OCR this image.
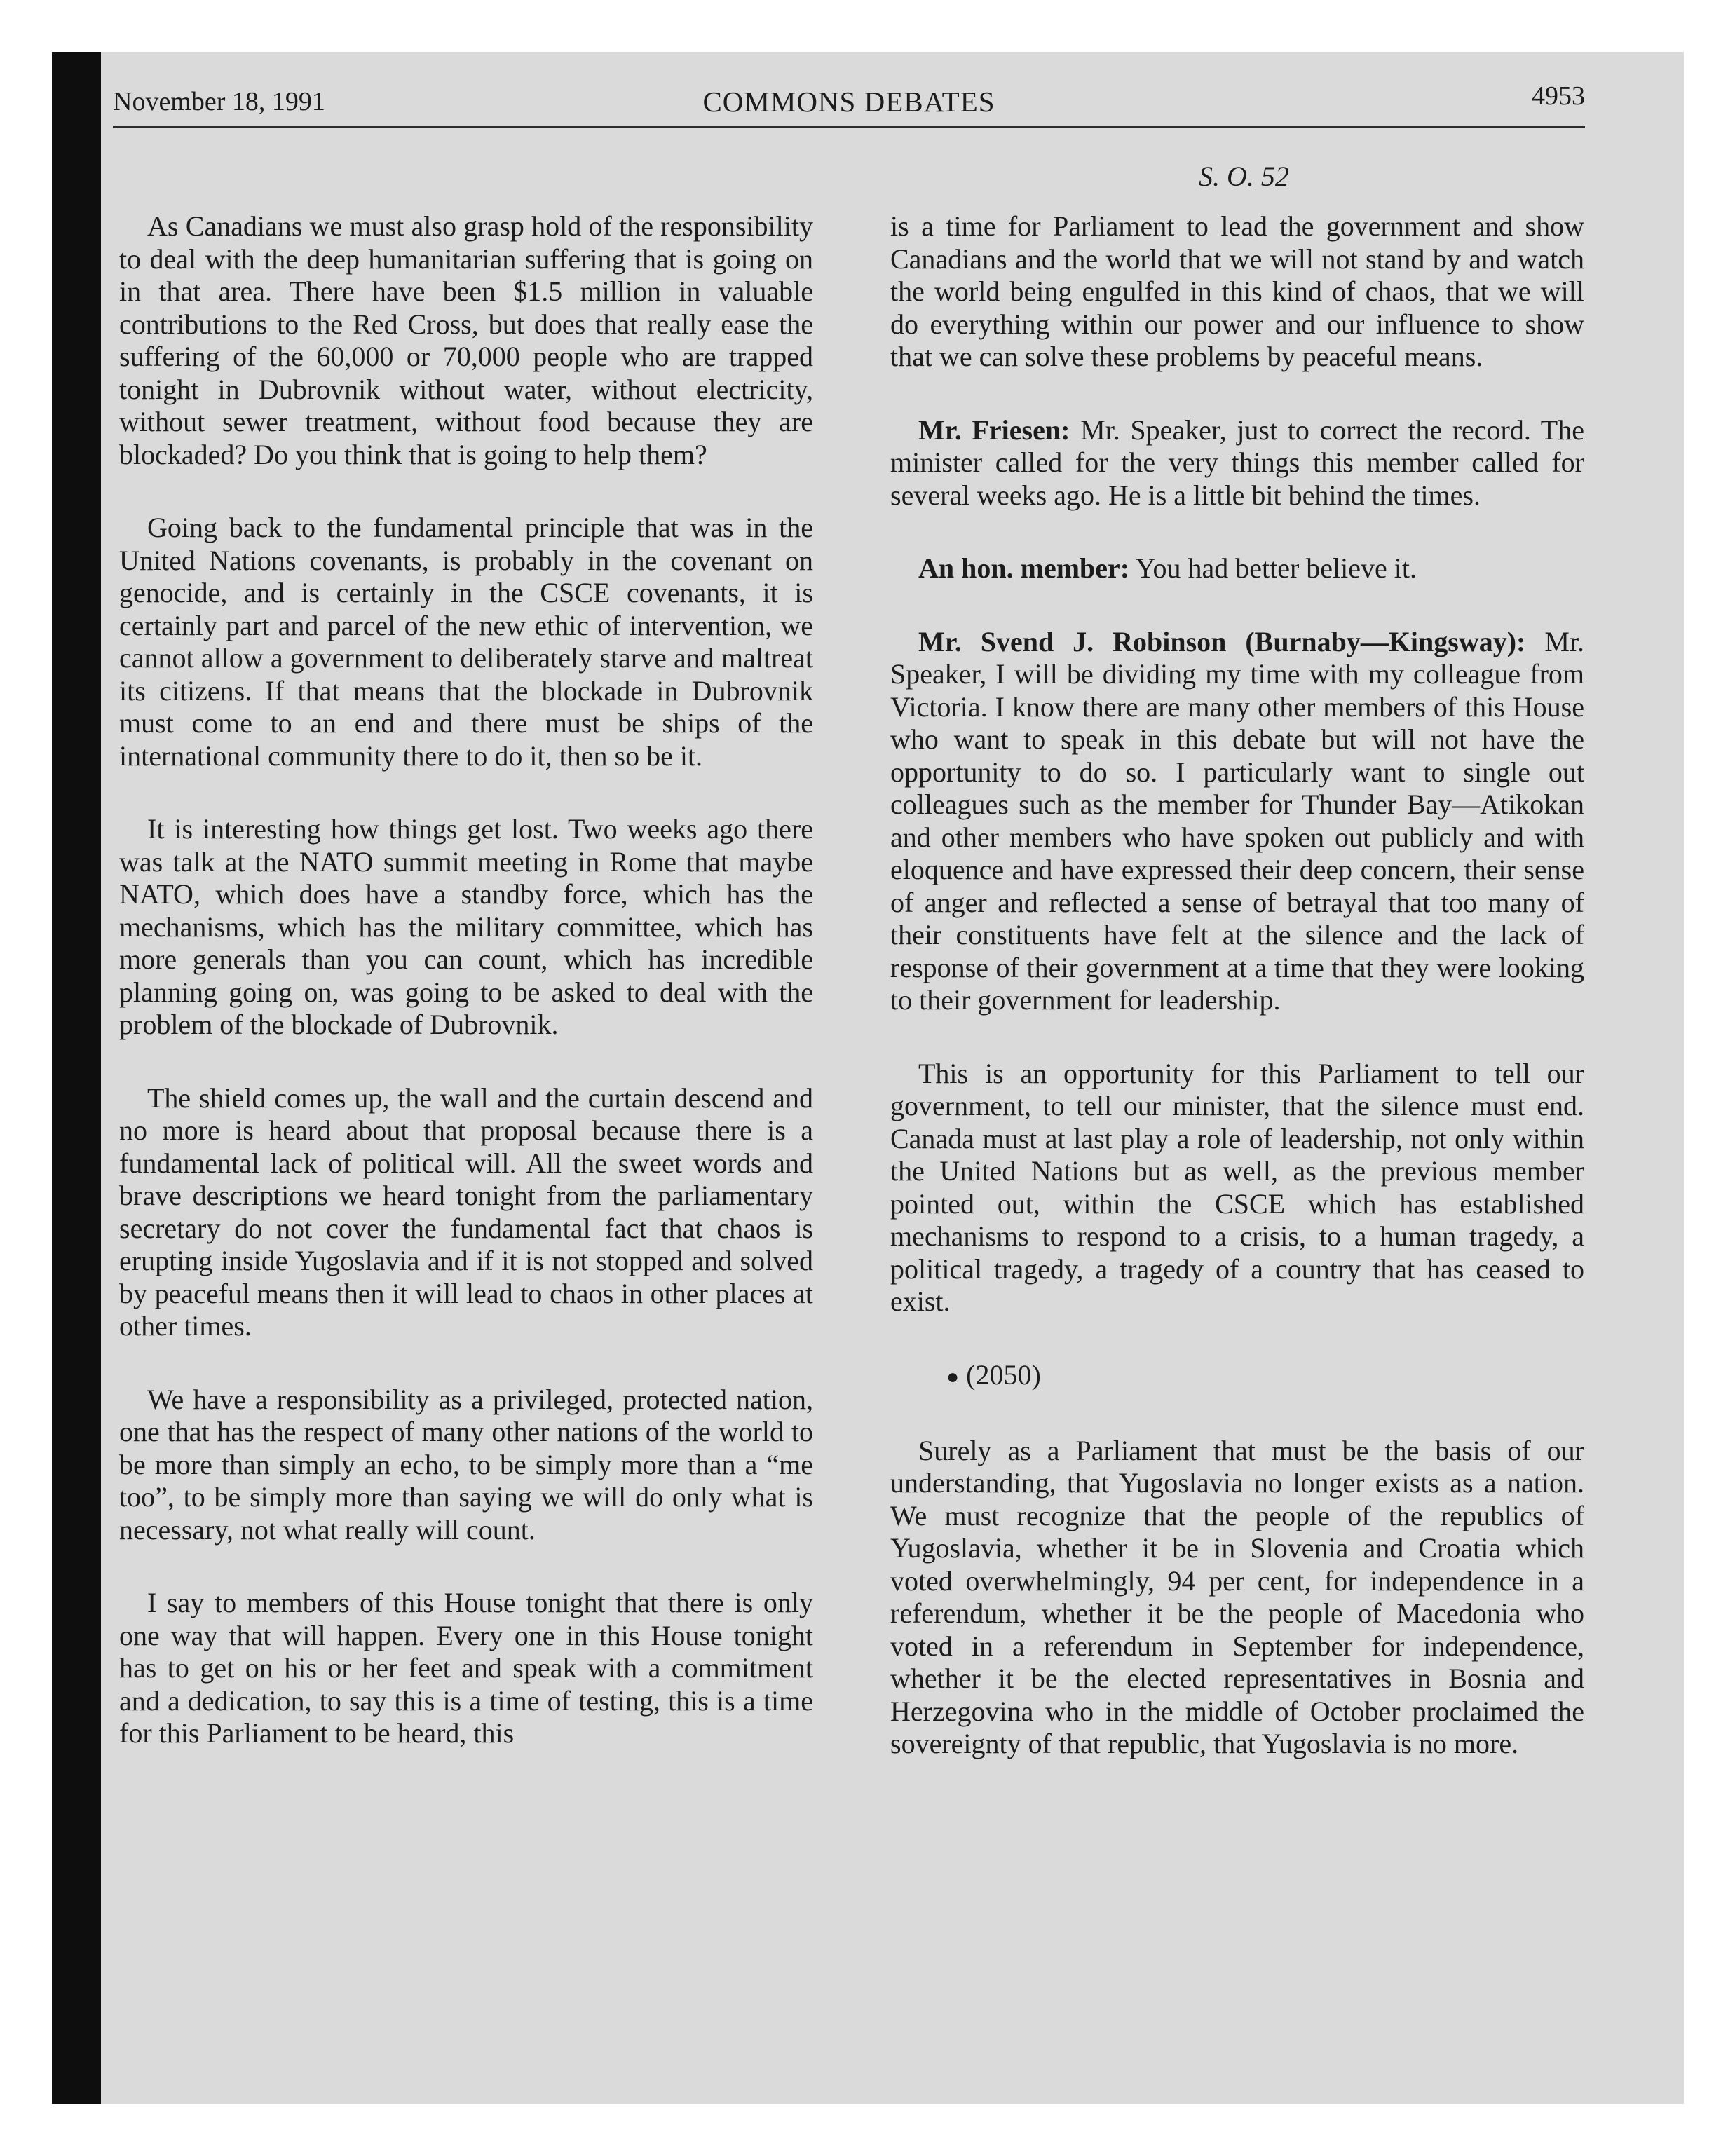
November 18, 1991	COMMONS DEBATES	4953
S. O. 52

As Canadians we must also grasp hold of the responsibility to deal with the deep humanitarian suffering that is going on in that area. There have been $1.5 million in valuable contributions to the Red Cross, but does that really ease the suffering of the 60,000 or 70,000 people who are trapped tonight in Dubrovnik without water, without electricity, without sewer treatment, without food because they are blockaded? Do you think that is going to help them?

Going back to the fundamental principle that was in the United Nations covenants, is probably in the covenant on genocide, and is certainly in the CSCE covenants, it is certainly part and parcel of the new ethic of intervention, we cannot allow a government to deliberately starve and maltreat its citizens. If that means that the blockade in Dubrovnik must come to an end and there must be ships of the international community there to do it, then so be it.

It is interesting how things get lost. Two weeks ago there was talk at the NATO summit meeting in Rome that maybe NATO, which does have a standby force, which has the mechanisms, which has the military committee, which has more generals than you can count, which has incredible planning going on, was going to be asked to deal with the problem of the blockade of Dubrovnik.

The shield comes up, the wall and the curtain descend and no more is heard about that proposal because there is a fundamental lack of political will. All the sweet words and brave descriptions we heard tonight from the parliamentary secretary do not cover the fundamental fact that chaos is erupting inside Yugoslavia and if it is not stopped and solved by peaceful means then it will lead to chaos in other places at other times.

We have a responsibility as a privileged, protected nation, one that has the respect of many other nations of the world to be more than simply an echo, to be simply more than a “me too”, to be simply more than saying we will do only what is necessary, not what really will count.

I say to members of this House tonight that there is only one way that will happen. Every one in this House tonight has to get on his or her feet and speak with a commitment and a dedication, to say this is a time of testing, this is a time for this Parliament to be heard, this

is a time for Parliament to lead the government and show Canadians and the world that we will not stand by and watch the world being engulfed in this kind of chaos, that we will do everything within our power and our influence to show that we can solve these problems by peaceful means.

Mr. Friesen: Mr. Speaker, just to correct the record. The minister called for the very things this member called for several weeks ago. He is a little bit behind the times.

An hon. member: You had better believe it.

Mr. Svend J. Robinson (Burnaby—Kingsway): Mr. Speaker, I will be dividing my time with my colleague from Victoria. I know there are many other members of this House who want to speak in this debate but will not have the opportunity to do so. I particularly want to single out colleagues such as the member for Thunder Bay—Atikokan and other members who have spoken out publicly and with eloquence and have expressed their deep concern, their sense of anger and reflected a sense of betrayal that too many of their constituents have felt at the silence and the lack of response of their government at a time that they were looking to their government for leadership.

This is an opportunity for this Parliament to tell our government, to tell our minister, that the silence must end. Canada must at last play a role of leadership, not only within the United Nations but as well, as the previous member pointed out, within the CSCE which has established mechanisms to respond to a crisis, to a human tragedy, a political tragedy, a tragedy of a country that has ceased to exist.

● (2050)

Surely as a Parliament that must be the basis of our understanding, that Yugoslavia no longer exists as a nation. We must recognize that the people of the republics of Yugoslavia, whether it be in Slovenia and Croatia which voted overwhelmingly, 94 per cent, for independence in a referendum, whether it be the people of Macedonia who voted in a referendum in September for independence, whether it be the elected representatives in Bosnia and Herzegovina who in the middle of October proclaimed the sovereignty of that republic, that Yugoslavia is no more.
